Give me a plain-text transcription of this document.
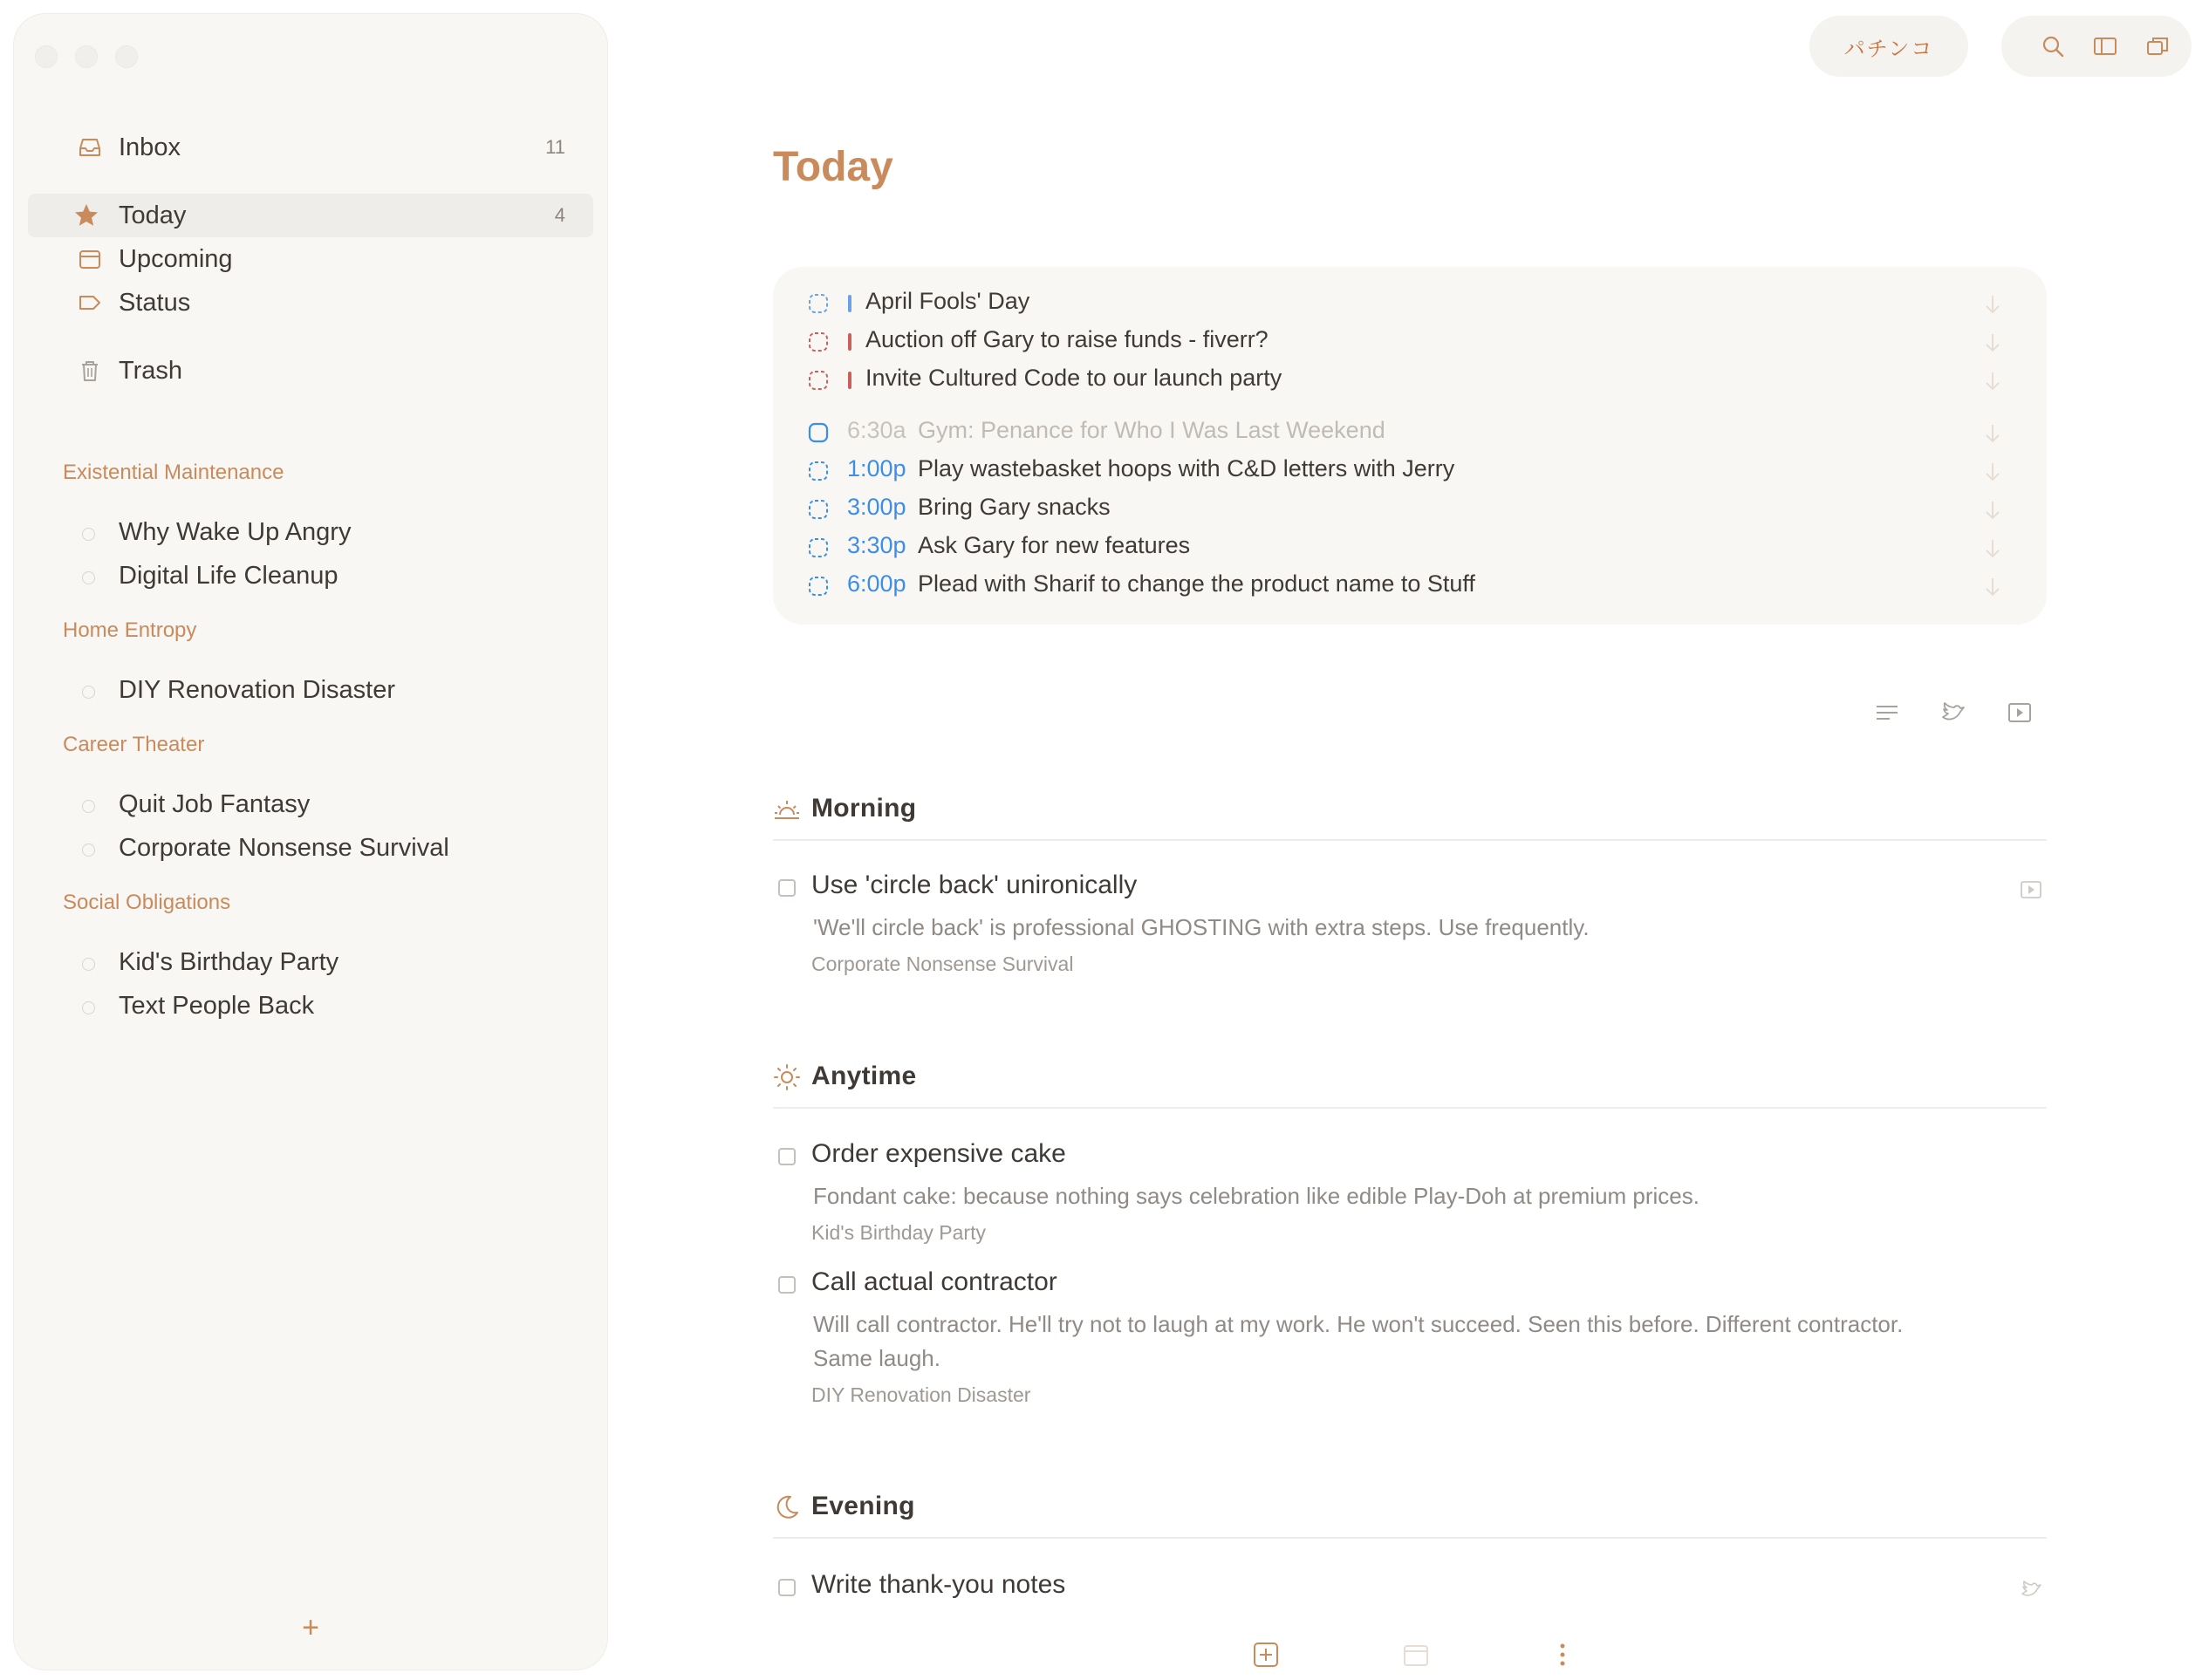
Inbox	11
Today	4
Upcoming
Status
Trash
Existential Maintenance
Why Wake Up Angry
Digital Life Cleanup
Home Entropy
DIY Renovation Disaster
Career Theater
Quit Job Fantasy
Corporate Nonsense Survival
Social Obligations
Kid's Birthday Party
Text People Back
+
パチンコ
Today
April Fools' Day
Auction off Gary to raise funds - fiverr?
Invite Cultured Code to our launch party
6:30a Gym: Penance for Who I Was Last Weekend
1:00p Play wastebasket hoops with C&D letters with Jerry
3:00p Bring Gary snacks
3:30p Ask Gary for new features
6:00p Plead with Sharif to change the product name to Stuff
Morning
Use 'circle back' unironically
'We'll circle back' is professional GHOSTING with extra steps. Use frequently.
Corporate Nonsense Survival
Anytime
Order expensive cake
Fondant cake: because nothing says celebration like edible Play-Doh at premium prices.
Kid's Birthday Party
Call actual contractor
Will call contractor. He'll try not to laugh at my work. He won't succeed. Seen this before. Different contractor.
Same laugh.
DIY Renovation Disaster
Evening
Write thank-you notes
